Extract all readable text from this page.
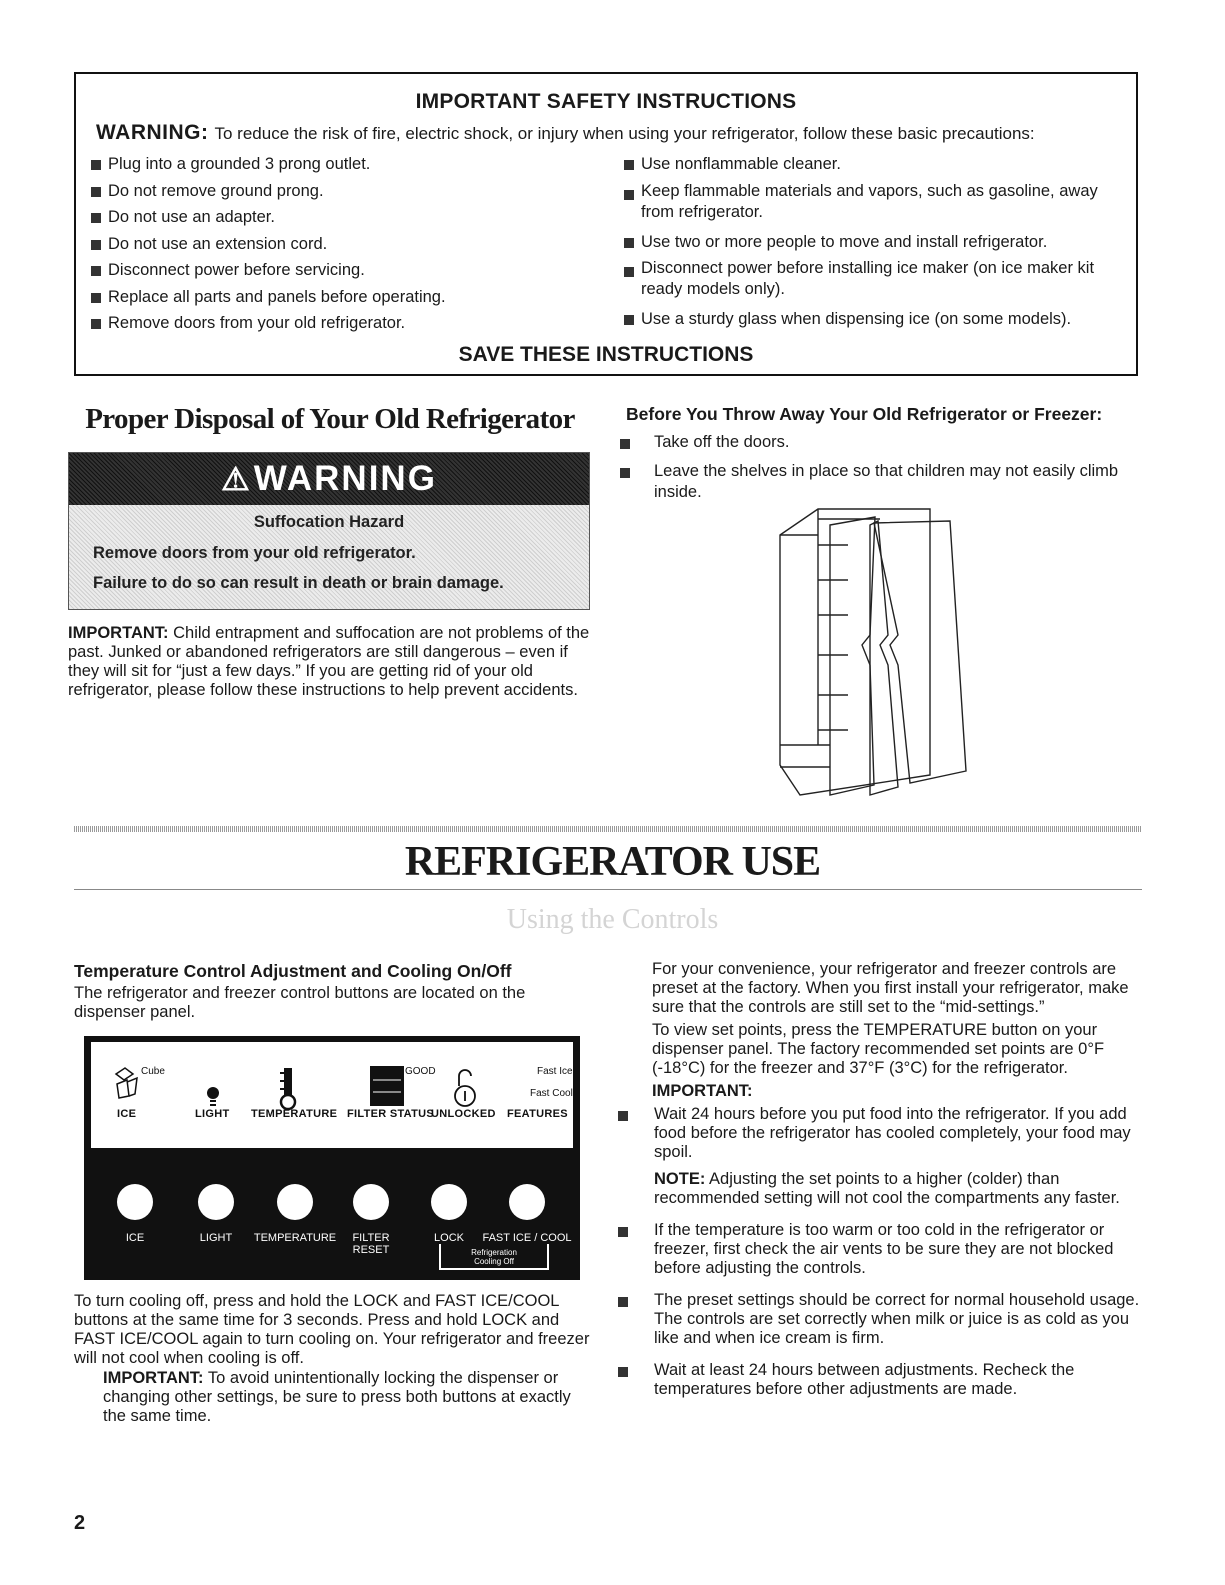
IMPORTANT SAFETY INSTRUCTIONS
WARNING: To reduce the risk of fire, electric shock, or injury when using your refrigerator, follow these basic precautions:
Plug into a grounded 3 prong outlet.
Do not remove ground prong.
Do not use an adapter.
Do not use an extension cord.
Disconnect power before servicing.
Replace all parts and panels before operating.
Remove doors from your old refrigerator.
Use nonflammable cleaner.
Keep flammable materials and vapors, such as gasoline, away from refrigerator.
Use two or more people to move and install refrigerator.
Disconnect power before installing ice maker (on ice maker kit ready models only).
Use a sturdy glass when dispensing ice (on some models).
SAVE THESE INSTRUCTIONS
Proper Disposal of Your Old Refrigerator
⚠WARNING
Suffocation Hazard
Remove doors from your old refrigerator.
Failure to do so can result in death or brain damage.
IMPORTANT: Child entrapment and suffocation are not problems of the past. Junked or abandoned refrigerators are still dangerous – even if they will sit for “just a few days.” If you are getting rid of your old refrigerator, please follow these instructions to help prevent accidents.
Before You Throw Away Your Old Refrigerator or Freezer:
Take off the doors.
Leave the shelves in place so that children may not easily climb inside.
REFRIGERATOR USE
Using the Controls
Temperature Control Adjustment and Cooling On/Off
The refrigerator and freezer control buttons are located on the dispenser panel.
Cube	GOOD	Fast Ice
Fast Cool
ICE	LIGHT TEMPERATURE FILTER STATUS
UNLOCKED FEATURES
ICE	LIGHT	TEMPERATURE	FILTER
RESET
LOCK	FAST ICE / COOL
Refrigeration
Cooling Off
To turn cooling off, press and hold the LOCK and FAST ICE/COOL buttons at the same time for 3 seconds. Press and hold LOCK and FAST ICE/COOL again to turn cooling on. Your refrigerator and freezer will not cool when cooling is off.
IMPORTANT: To avoid unintentionally locking the dispenser or changing other settings, be sure to press both buttons at exactly the same time.
For your convenience, your refrigerator and freezer controls are preset at the factory. When you first install your refrigerator, make sure that the controls are still set to the “mid-settings.”
To view set points, press the TEMPERATURE button on your dispenser panel. The factory recommended set points are 0°F (-18°C) for the freezer and 37°F (3°C) for the refrigerator.
IMPORTANT:
Wait 24 hours before you put food into the refrigerator. If you add food before the refrigerator has cooled completely, your food may spoil.
NOTE: Adjusting the set points to a higher (colder) than recommended setting will not cool the compartments any faster.
If the temperature is too warm or too cold in the refrigerator or freezer, first check the air vents to be sure they are not blocked before adjusting the controls.
The preset settings should be correct for normal household usage. The controls are set correctly when milk or juice is as cold as you like and when ice cream is firm.
Wait at least 24 hours between adjustments. Recheck the temperatures before other adjustments are made.
2
